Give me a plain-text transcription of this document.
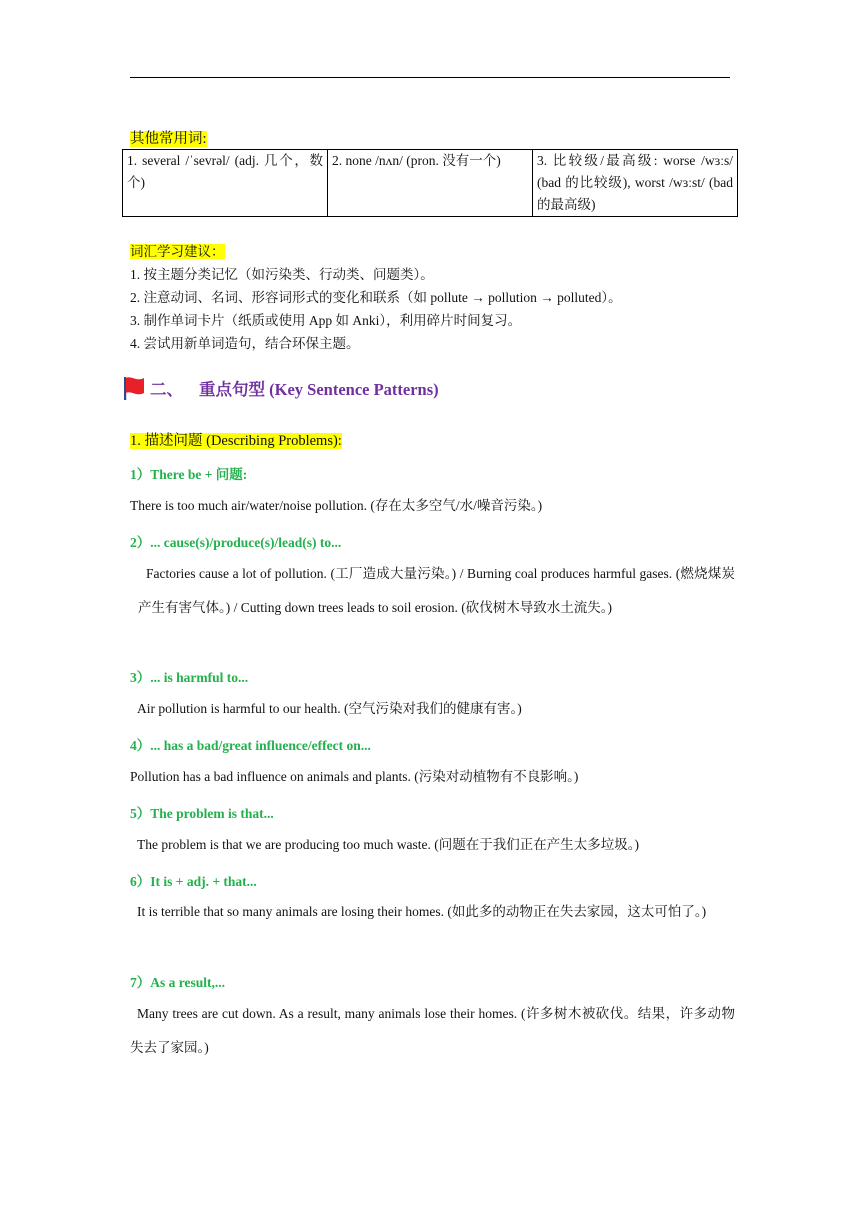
其他常用词:
1. several /ˈsevrəl/ (adj. 几个，数个)	2. none /nʌn/ (pron. 没有一个)	3. 比较级/最高级: worse /wɜːs/ (bad 的比较级), worst /wɜːst/ (bad 的最高级)
词汇学习建议：
1. 按主题分类记忆（如污染类、行动类、问题类）。
2. 注意动词、名词、形容词形式的变化和联系（如 pollute → pollution → polluted）。
3. 制作单词卡片（纸质或使用 App 如 Anki），利用碎片时间复习。
4. 尝试用新单词造句，结合环保主题。
二、 重点句型 (Key Sentence Patterns)
1. 描述问题 (Describing Problems):
1）There be + 问题:
There is too much air/water/noise pollution. (存在太多空气/水/噪音污染。)
2）... cause(s)/produce(s)/lead(s) to...
Factories cause a lot of pollution. (工厂造成大量污染。) / Burning coal produces harmful gases. (燃烧煤炭产生有害气体。) / Cutting down trees leads to soil erosion. (砍伐树木导致水土流失。)
3）... is harmful to...
Air pollution is harmful to our health. (空气污染对我们的健康有害。)
4）... has a bad/great influence/effect on...
Pollution has a bad influence on animals and plants. (污染对动植物有不良影响。)
5）The problem is that...
The problem is that we are producing too much waste. (问题在于我们正在产生太多垃圾。)
6）It is + adj. + that...
It is terrible that so many animals are losing their homes. (如此多的动物正在失去家园，这太可怕了。)
7）As a result,...
Many trees are cut down. As a result, many animals lose their homes. (许多树木被砍伐。结果，许多动物失去了家园。)
